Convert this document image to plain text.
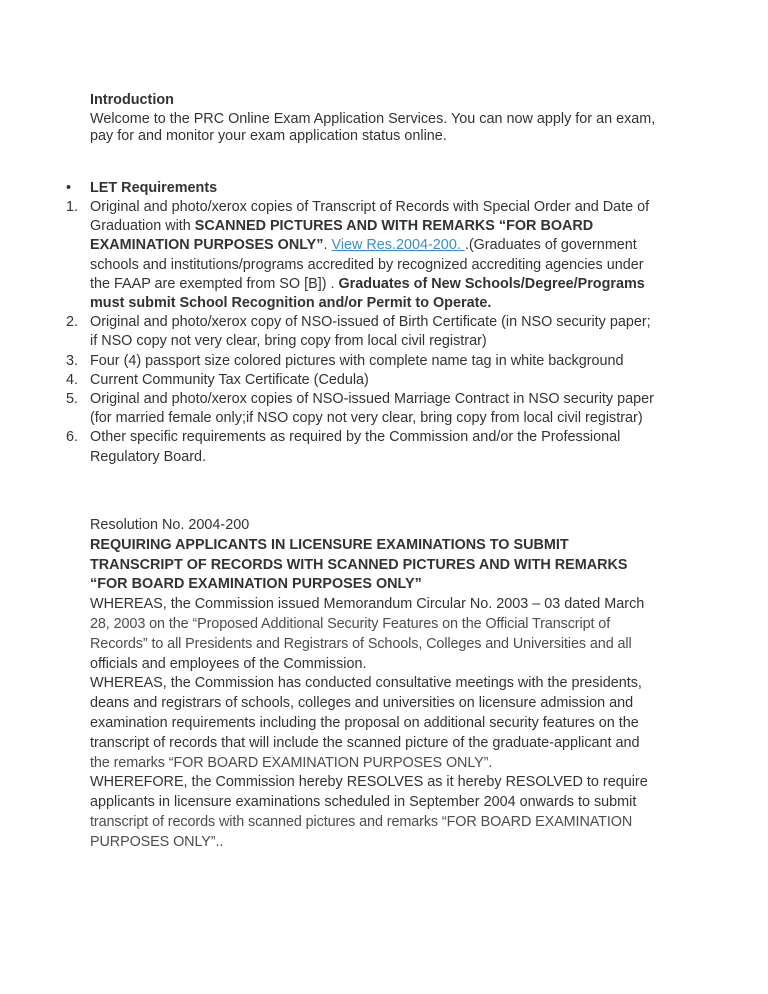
Introduction
Welcome to the PRC Online Exam Application Services. You can now apply for an exam, pay for and monitor your exam application status online.
•	LET Requirements
1. Original and photo/xerox copies of Transcript of Records with Special Order and Date of Graduation with SCANNED PICTURES AND WITH REMARKS “FOR BOARD EXAMINATION PURPOSES ONLY”. View Res.2004-200. .(Graduates of government schools and institutions/programs accredited by recognized accrediting agencies under the FAAP are exempted from SO [B]) . Graduates of New Schools/Degree/Programs must submit School Recognition and/or Permit to Operate.
2. Original and photo/xerox copy of NSO-issued of Birth Certificate (in NSO security paper; if NSO copy not very clear, bring copy from local civil registrar)
3. Four (4) passport size colored pictures with complete name tag in white background
4. Current Community Tax Certificate (Cedula)
5. Original and photo/xerox copies of NSO-issued Marriage Contract in NSO security paper (for married female only;if NSO copy not very clear, bring copy from local civil registrar)
6. Other specific requirements as required by the Commission and/or the Professional Regulatory Board.
Resolution No. 2004-200
REQUIRING APPLICANTS IN LICENSURE EXAMINATIONS TO SUBMIT TRANSCRIPT OF RECORDS WITH SCANNED PICTURES AND WITH REMARKS “FOR BOARD EXAMINATION PURPOSES ONLY”
WHEREAS, the Commission issued Memorandum Circular No. 2003 – 03 dated March 28, 2003 on the “Proposed Additional Security Features on the Official Transcript of Records” to all Presidents and Registrars of Schools, Colleges and Universities and all officials and employees of the Commission.
WHEREAS, the Commission has conducted consultative meetings with the presidents, deans and registrars of schools, colleges and universities on licensure admission and examination requirements including the proposal on additional security features on the transcript of records that will include the scanned picture of the graduate-applicant and the remarks “FOR BOARD EXAMINATION PURPOSES ONLY”.
WHEREFORE, the Commission hereby RESOLVES as it hereby RESOLVED to require applicants in licensure examinations scheduled in September 2004 onwards to submit transcript of records with scanned pictures and remarks “FOR BOARD EXAMINATION PURPOSES ONLY”..
